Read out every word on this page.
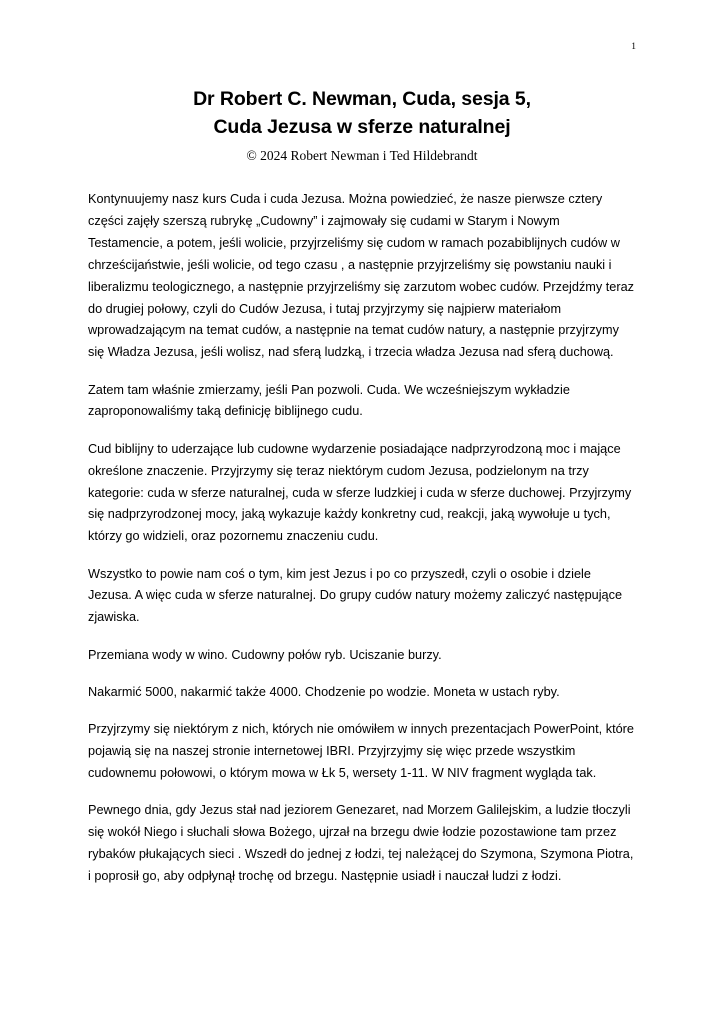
1
Dr Robert C. Newman, Cuda, sesja 5,
Cuda Jezusa w sferze naturalnej
© 2024 Robert Newman i Ted Hildebrandt

Kontynuujemy nasz kurs Cuda i cuda Jezusa. Można powiedzieć, że nasze pierwsze cztery części zajęły szerszą rubrykę „Cudowny” i zajmowały się cudami w Starym i Nowym Testamencie, a potem, jeśli wolicie, przyjrzeliśmy się cudom w ramach pozabiblijnych cudów w chrześcijaństwie, jeśli wolicie, od tego czasu , a następnie przyjrzeliśmy się powstaniu nauki i liberalizmu teologicznego, a następnie przyjrzeliśmy się zarzutom wobec cudów. Przejdźmy teraz do drugiej połowy, czyli do Cudów Jezusa, i tutaj przyjrzymy się najpierw materiałom wprowadzającym na temat cudów, a następnie na temat cudów natury, a następnie przyjrzymy się Władza Jezusa, jeśli wolisz, nad sferą ludzką, i trzecia władza Jezusa nad sferą duchową.

Zatem tam właśnie zmierzamy, jeśli Pan pozwoli. Cuda. We wcześniejszym wykładzie zaproponowaliśmy taką definicję biblijnego cudu.

Cud biblijny to uderzające lub cudowne wydarzenie posiadające nadprzyrodzoną moc i mające określone znaczenie. Przyjrzymy się teraz niektórym cudom Jezusa, podzielonym na trzy kategorie: cuda w sferze naturalnej, cuda w sferze ludzkiej i cuda w sferze duchowej. Przyjrzymy się nadprzyrodzonej mocy, jaką wykazuje każdy konkretny cud, reakcji, jaką wywołuje u tych, którzy go widzieli, oraz pozornemu znaczeniu cudu.

Wszystko to powie nam coś o tym, kim jest Jezus i po co przyszedł, czyli o osobie i dziele Jezusa. A więc cuda w sferze naturalnej. Do grupy cudów natury możemy zaliczyć następujące zjawiska.

Przemiana wody w wino. Cudowny połów ryb. Uciszanie burzy.

Nakarmić 5000, nakarmić także 4000. Chodzenie po wodzie. Moneta w ustach ryby.

Przyjrzymy się niektórym z nich, których nie omówiłem w innych prezentacjach PowerPoint, które pojawią się na naszej stronie internetowej IBRI. Przyjrzyjmy się więc przede wszystkim cudownemu połowowi, o którym mowa w Łk 5, wersety 1-11. W NIV fragment wygląda tak.

Pewnego dnia, gdy Jezus stał nad jeziorem Genezaret, nad Morzem Galilejskim, a ludzie tłoczyli się wokół Niego i słuchali słowa Bożego, ujrzał na brzegu dwie łodzie pozostawione tam przez rybaków płukających sieci . Wszedł do jednej z łodzi, tej należącej do Szymona, Szymona Piotra, i poprosił go, aby odpłynął trochę od brzegu. Następnie usiadł i nauczał ludzi z łodzi.
